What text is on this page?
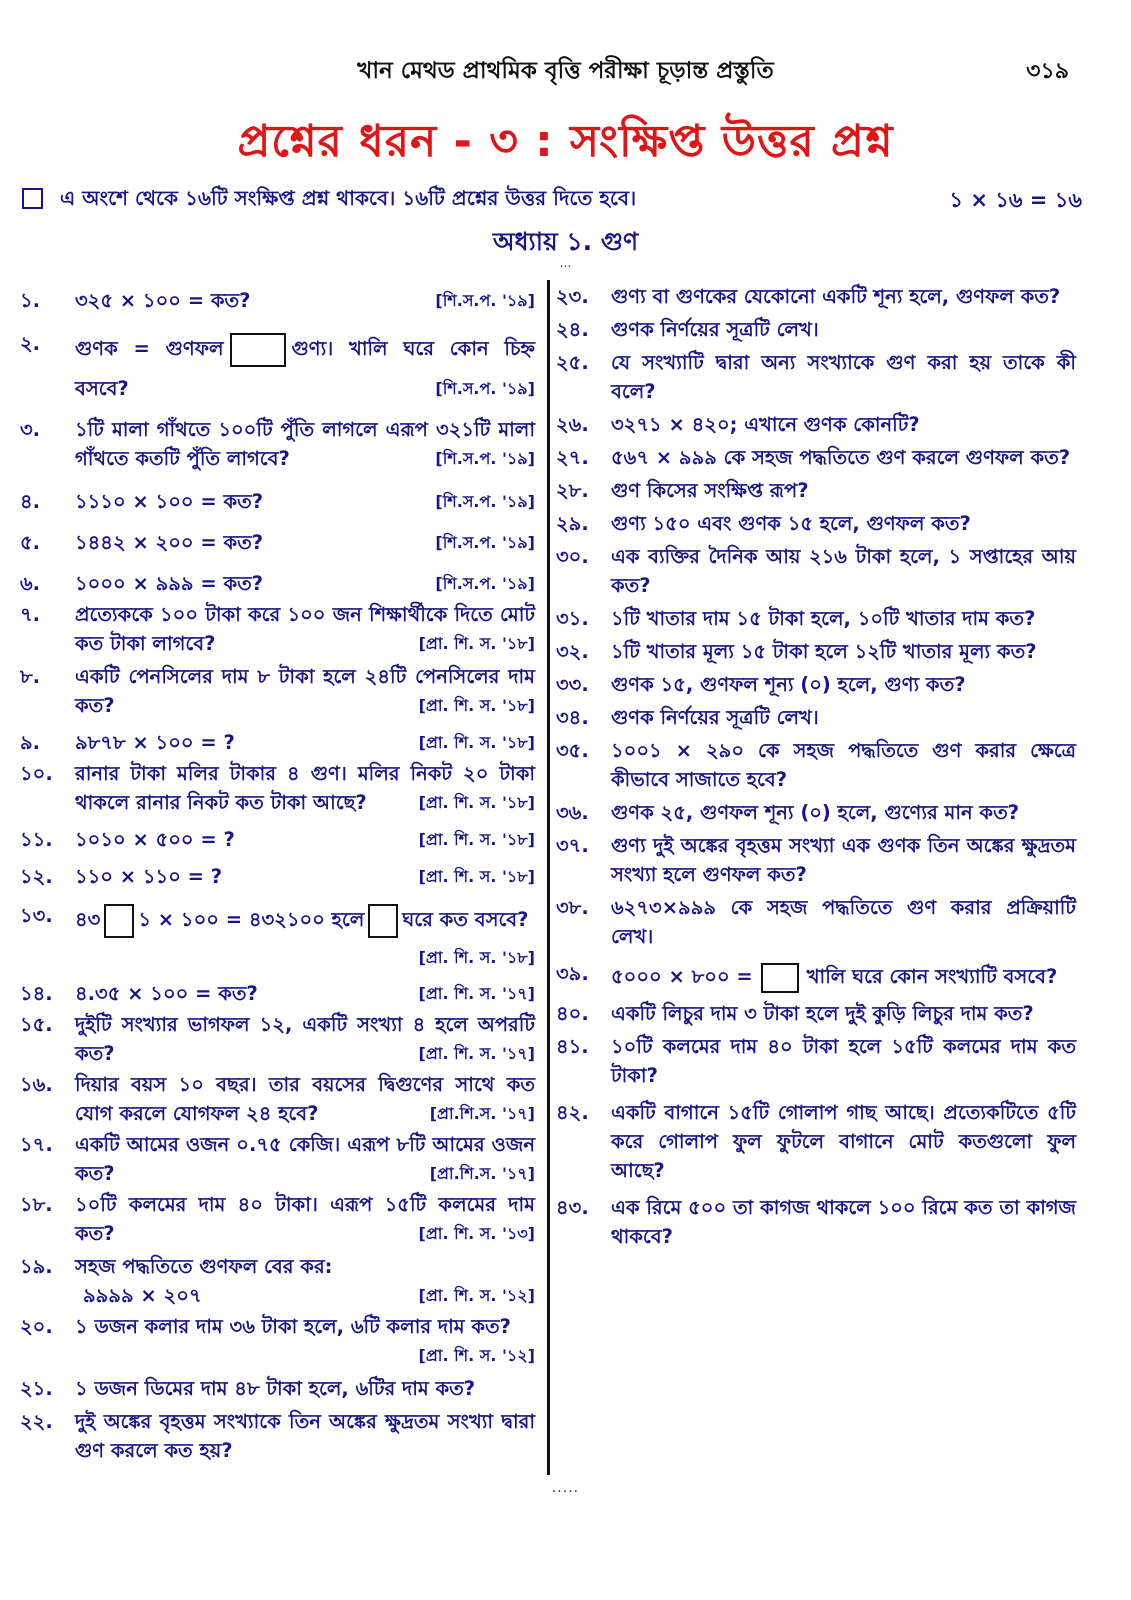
খান মেথড প্রাথমিক বৃত্তি পরীক্ষা চূড়ান্ত প্রস্তুতি	৩১৯
প্রশ্নের ধরন - ৩ : সংক্ষিপ্ত উত্তর প্রশ্ন
এ অংশে থেকে ১৬টি সংক্ষিপ্ত প্রশ্ন থাকবে। ১৬টি প্রশ্নের উত্তর দিতে হবে।	১ × ১৬ = ১৬
অধ্যায় ১. গুণ
...
১.	৩২৫ × ১০০ = কত?	[শি.স.প. '১৯]
২.	গুণক = গুণফল	গুণ্য। খালি ঘরে কোন চিহ্ন বসবে?	[শি.স.প. '১৯]
৩.	১টি মালা গাঁথতে ১০০টি পুঁতি লাগলে এরূপ ৩২১টি মালা গাঁথতে কতটি পুঁতি লাগবে?	[শি.স.প. '১৯]
৪.	১১১০ × ১০০ = কত?	[শি.স.প. '১৯]
৫.	১৪৪২ × ২০০ = কত?	[শি.স.প. '১৯]
৬.	১০০০ × ৯৯৯ = কত?	[শি.স.প. '১৯]
৭.	প্রত্যেককে ১০০ টাকা করে ১০০ জন শিক্ষার্থীকে দিতে মোট কত টাকা লাগবে?	[প্রা. শি. স. '১৮]
৮.	একটি পেনসিলের দাম ৮ টাকা হলে ২৪টি পেনসিলের দাম কত?	[প্রা. শি. স. '১৮]
৯.	৯৮৭৮ × ১০০ = ?	[প্রা. শি. স. '১৮]
১০.	রানার টাকা মলির টাকার ৪ গুণ। মলির নিকট ২০ টাকা থাকলে রানার নিকট কত টাকা আছে?	[প্রা. শি. স. '১৮]
১১.	১০১০ × ৫০০ = ?	[প্রা. শি. স. '১৮]
১২.	১১০ × ১১০ = ?	[প্রা. শি. স. '১৮]
১৩.	৪৩ ১ × ১০০ = ৪৩২১০০ হলে ঘরে কত বসবে?
[প্রা. শি. স. '১৮]
১৪.	৪.৩৫ × ১০০ = কত?	[প্রা. শি. স. '১৭]
১৫.	দুইটি সংখ্যার ভাগফল ১২, একটি সংখ্যা ৪ হলে অপরটি কত?	[প্রা. শি. স. '১৭]
১৬.	দিয়ার বয়স ১০ বছর। তার বয়সের দ্বিগুণের সাথে কত যোগ করলে যোগফল ২৪ হবে?	[প্রা.শি.স. '১৭]
১৭.	একটি আমের ওজন ০.৭৫ কেজি। এরূপ ৮টি আমের ওজন কত?	[প্রা.শি.স. '১৭]
১৮.	১০টি কলমের দাম ৪০ টাকা। এরূপ ১৫টি কলমের দাম কত?	[প্রা. শি. স. '১৩]
১৯.	সহজ পদ্ধতিতে গুণফল বের কর:
৯৯৯৯ × ২০৭	[প্রা. শি. স. '১২]
২০.	১ ডজন কলার দাম ৩৬ টাকা হলে, ৬টি কলার দাম কত?
[প্রা. শি. স. '১২]
২১.	১ ডজন ডিমের দাম ৪৮ টাকা হলে, ৬টির দাম কত?
২২.	দুই অঙ্কের বৃহত্তম সংখ্যাকে তিন অঙ্কের ক্ষুদ্রতম সংখ্যা দ্বারা গুণ করলে কত হয়?
২৩.	গুণ্য বা গুণকের যেকোনো একটি শূন্য হলে, গুণফল কত?
২৪.	গুণক নির্ণয়ের সূত্রটি লেখ।
২৫.	যে সংখ্যাটি দ্বারা অন্য সংখ্যাকে গুণ করা হয় তাকে কী বলে?
২৬.	৩২৭১ × ৪২০; এখানে গুণক কোনটি?
২৭.	৫৬৭ × ৯৯৯ কে সহজ পদ্ধতিতে গুণ করলে গুণফল কত?
২৮.	গুণ কিসের সংক্ষিপ্ত রূপ?
২৯.	গুণ্য ১৫০ এবং গুণক ১৫ হলে, গুণফল কত?
৩০.	এক ব্যক্তির দৈনিক আয় ২১৬ টাকা হলে, ১ সপ্তাহের আয় কত?
৩১.	১টি খাতার দাম ১৫ টাকা হলে, ১০টি খাতার দাম কত?
৩২.	১টি খাতার মূল্য ১৫ টাকা হলে ১২টি খাতার মূল্য কত?
৩৩.	গুণক ১৫, গুণফল শূন্য (০) হলে, গুণ্য কত?
৩৪.	গুণক নির্ণয়ের সূত্রটি লেখ।
৩৫.	১০০১ × ২৯০ কে সহজ পদ্ধতিতে গুণ করার ক্ষেত্রে কীভাবে সাজাতে হবে?
৩৬.	গুণক ২৫, গুণফল শূন্য (০) হলে, গুণ্যের মান কত?
৩৭.	গুণ্য দুই অঙ্কের বৃহত্তম সংখ্যা এক গুণক তিন অঙ্কের ক্ষুদ্রতম সংখ্যা হলে গুণফল কত?
৩৮.	৬২৭৩×৯৯৯ কে সহজ পদ্ধতিতে গুণ করার প্রক্রিয়াটি লেখ।
৩৯.	৫০০০ × ৮০০ =	খালি ঘরে কোন সংখ্যাটি বসবে?
৪০.	একটি লিচুর দাম ৩ টাকা হলে দুই কুড়ি লিচুর দাম কত?
৪১.	১০টি কলমের দাম ৪০ টাকা হলে ১৫টি কলমের দাম কত টাকা?
৪২.	একটি বাগানে ১৫টি গোলাপ গাছ আছে। প্রত্যেকটিতে ৫টি করে গোলাপ ফুল ফুটলে বাগানে মোট কতগুলো ফুল আছে?
৪৩.	এক রিমে ৫০০ তা কাগজ থাকলে ১০০ রিমে কত তা কাগজ থাকবে?
.....
